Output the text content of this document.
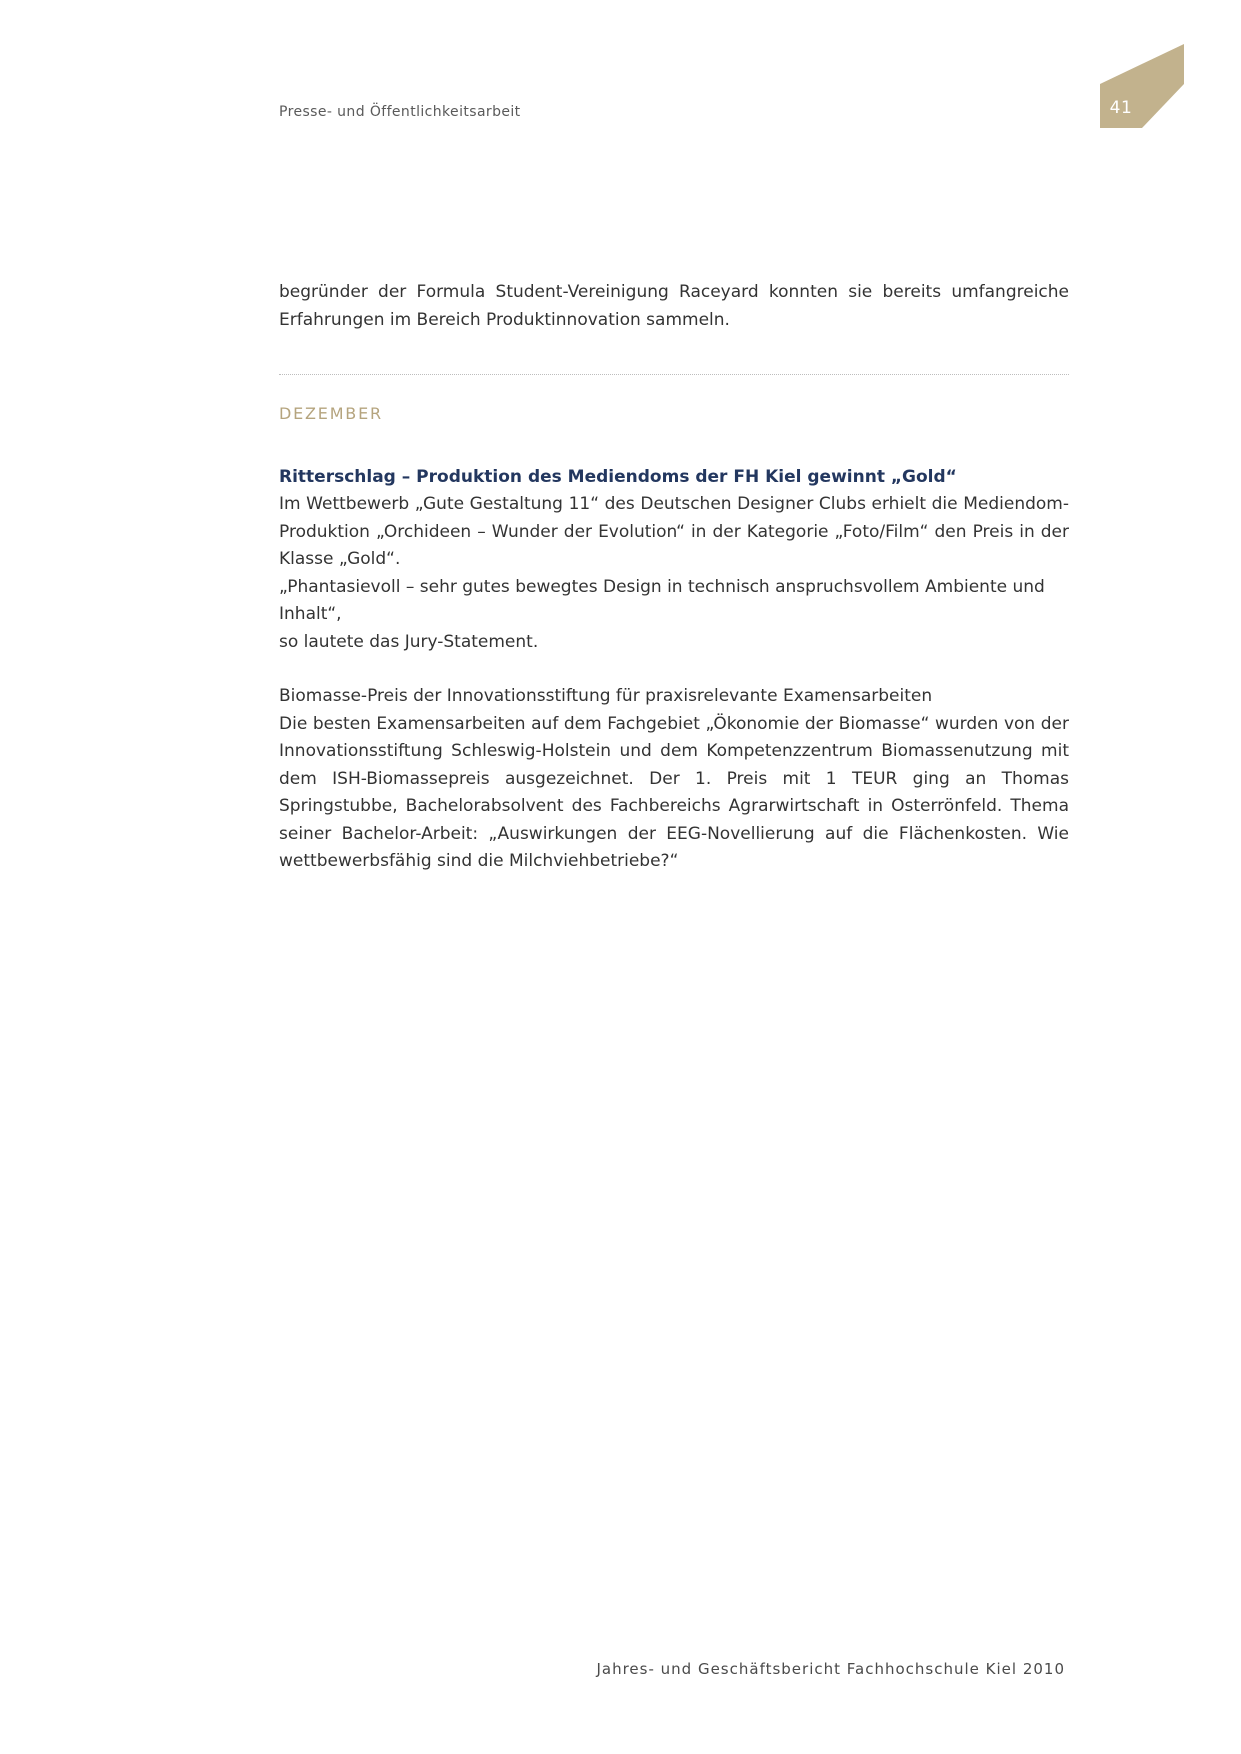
Presse- und Öffentlichkeitsarbeit	41

begründer der Formula Student-Vereinigung Raceyard konnten sie bereits umfangreiche Erfahrungen im Bereich Produktinnovation sammeln.

DEZEMBER

Ritterschlag – Produktion des Mediendoms der FH Kiel gewinnt „Gold“

Im Wettbewerb „Gute Gestaltung 11“ des Deutschen Designer Clubs erhielt die Mediendom-Produktion „Orchideen – Wunder der Evolution“ in der Kategorie „Foto/Film“ den Preis in der Klasse „Gold“.

„Phantasievoll – sehr gutes bewegtes Design in technisch anspruchsvollem Ambiente und Inhalt“,

so lautete das Jury-Statement.

Biomasse-Preis der Innovationsstiftung für praxisrelevante Examensarbeiten

Die besten Examensarbeiten auf dem Fachgebiet „Ökonomie der Biomasse“ wurden von der Innovationsstiftung Schleswig-Holstein und dem Kompetenzzentrum Biomassenutzung mit dem ISH-Biomassepreis ausgezeichnet. Der 1. Preis mit 1 TEUR ging an Thomas Springstubbe, Bachelorabsolvent des Fachbereichs Agrarwirtschaft in Osterrönfeld. Thema seiner Bachelor-Arbeit: „Auswirkungen der EEG-Novellierung auf die Flächenkosten. Wie wettbewerbsfähig sind die Milchviehbetriebe?“

Jahres- und Geschäftsbericht Fachhochschule Kiel 2010
